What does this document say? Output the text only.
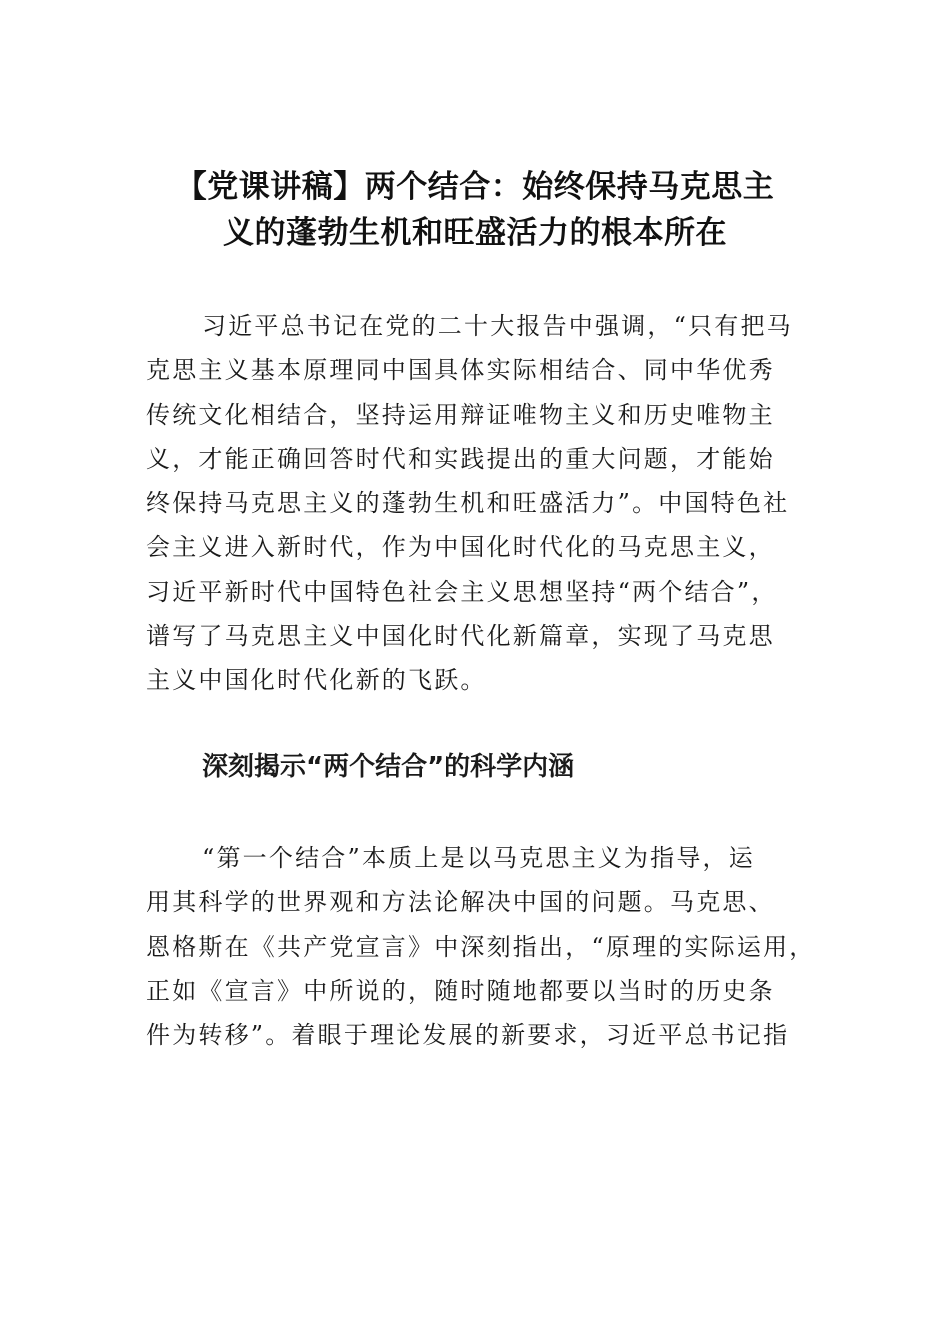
【党课讲稿】两个结合：始终保持马克思主
义的蓬勃生机和旺盛活力的根本所在
习近平总书记在党的二十大报告中强调，“只有把马
克思主义基本原理同中国具体实际相结合、同中华优秀
传统文化相结合，坚持运用辩证唯物主义和历史唯物主
义，才能正确回答时代和实践提出的重大问题，才能始
终保持马克思主义的蓬勃生机和旺盛活力”。中国特色社
会主义进入新时代，作为中国化时代化的马克思主义，
习近平新时代中国特色社会主义思想坚持“两个结合”，
谱写了马克思主义中国化时代化新篇章，实现了马克思
主义中国化时代化新的飞跃。
深刻揭示“两个结合”的科学内涵
“第一个结合”本质上是以马克思主义为指导，运
用其科学的世界观和方法论解决中国的问题。马克思、
恩格斯在《共产党宣言》中深刻指出，“原理的实际运用，
正如《宣言》中所说的，随时随地都要以当时的历史条
件为转移”。着眼于理论发展的新要求，习近平总书记指
